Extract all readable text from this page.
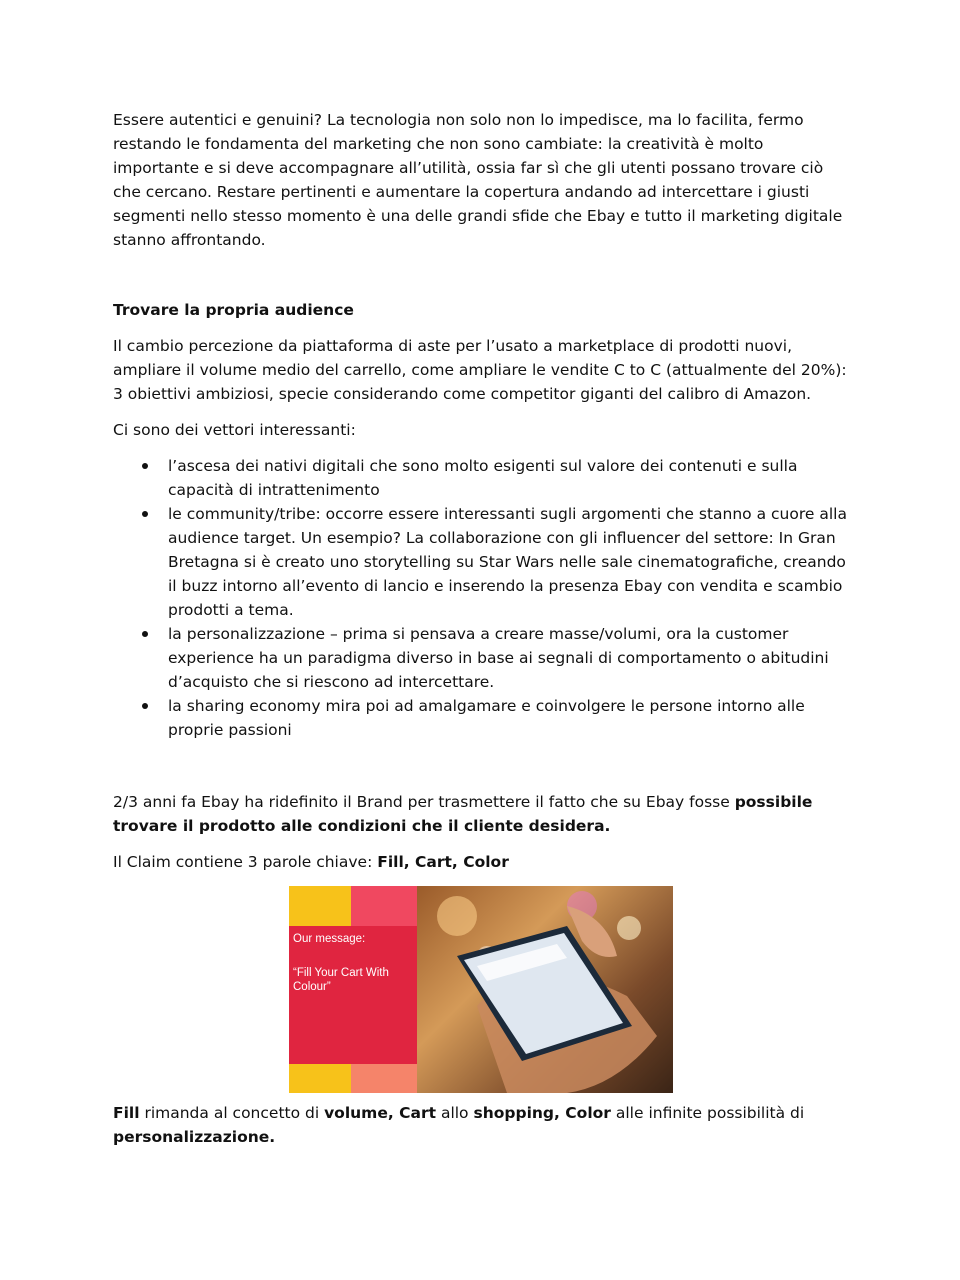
Essere autentici e genuini? La tecnologia non solo non lo impedisce, ma lo facilita, fermo restando le fondamenta del marketing che non sono cambiate: la creatività è molto importante e si deve accompagnare all’utilità, ossia far sì che gli utenti possano trovare ciò che cercano. Restare pertinenti e aumentare la copertura andando ad intercettare i giusti segmenti nello stesso momento è una delle grandi sfide che Ebay e tutto il marketing digitale stanno affrontando.

Trovare la propria audience

Il cambio percezione da piattaforma di aste per l’usato a marketplace di prodotti nuovi, ampliare il volume medio del carrello, come ampliare le vendite C to C (attualmente del 20%): 3 obiettivi ambiziosi, specie considerando come competitor giganti del calibro di Amazon.

Ci sono dei vettori interessanti:

l’ascesa dei nativi digitali che sono molto esigenti sul valore dei contenuti e sulla capacità di intrattenimento
le community/tribe: occorre essere interessanti sugli argomenti che stanno a cuore alla audience target. Un esempio? La collaborazione con gli influencer del settore: In Gran Bretagna si è creato uno storytelling su Star Wars nelle sale cinematografiche, creando il buzz intorno all’evento di lancio e inserendo la presenza Ebay con vendita e scambio prodotti a tema.
la personalizzazione – prima si pensava a creare masse/volumi, ora la customer experience ha un paradigma diverso in base ai segnali di comportamento o abitudini d’acquisto che si riescono ad intercettare.
la sharing economy mira poi ad amalgamare e coinvolgere le persone intorno alle proprie passioni

2/3 anni fa Ebay ha ridefinito il Brand per trasmettere il fatto che su Ebay fosse possibile trovare il prodotto alle condizioni che il cliente desidera.

Il Claim contiene 3 parole chiave: Fill, Cart, Color

Our message:
“Fill Your Cart With Colour”

Fill rimanda al concetto di volume, Cart allo shopping, Color alle infinite possibilità di personalizzazione.
